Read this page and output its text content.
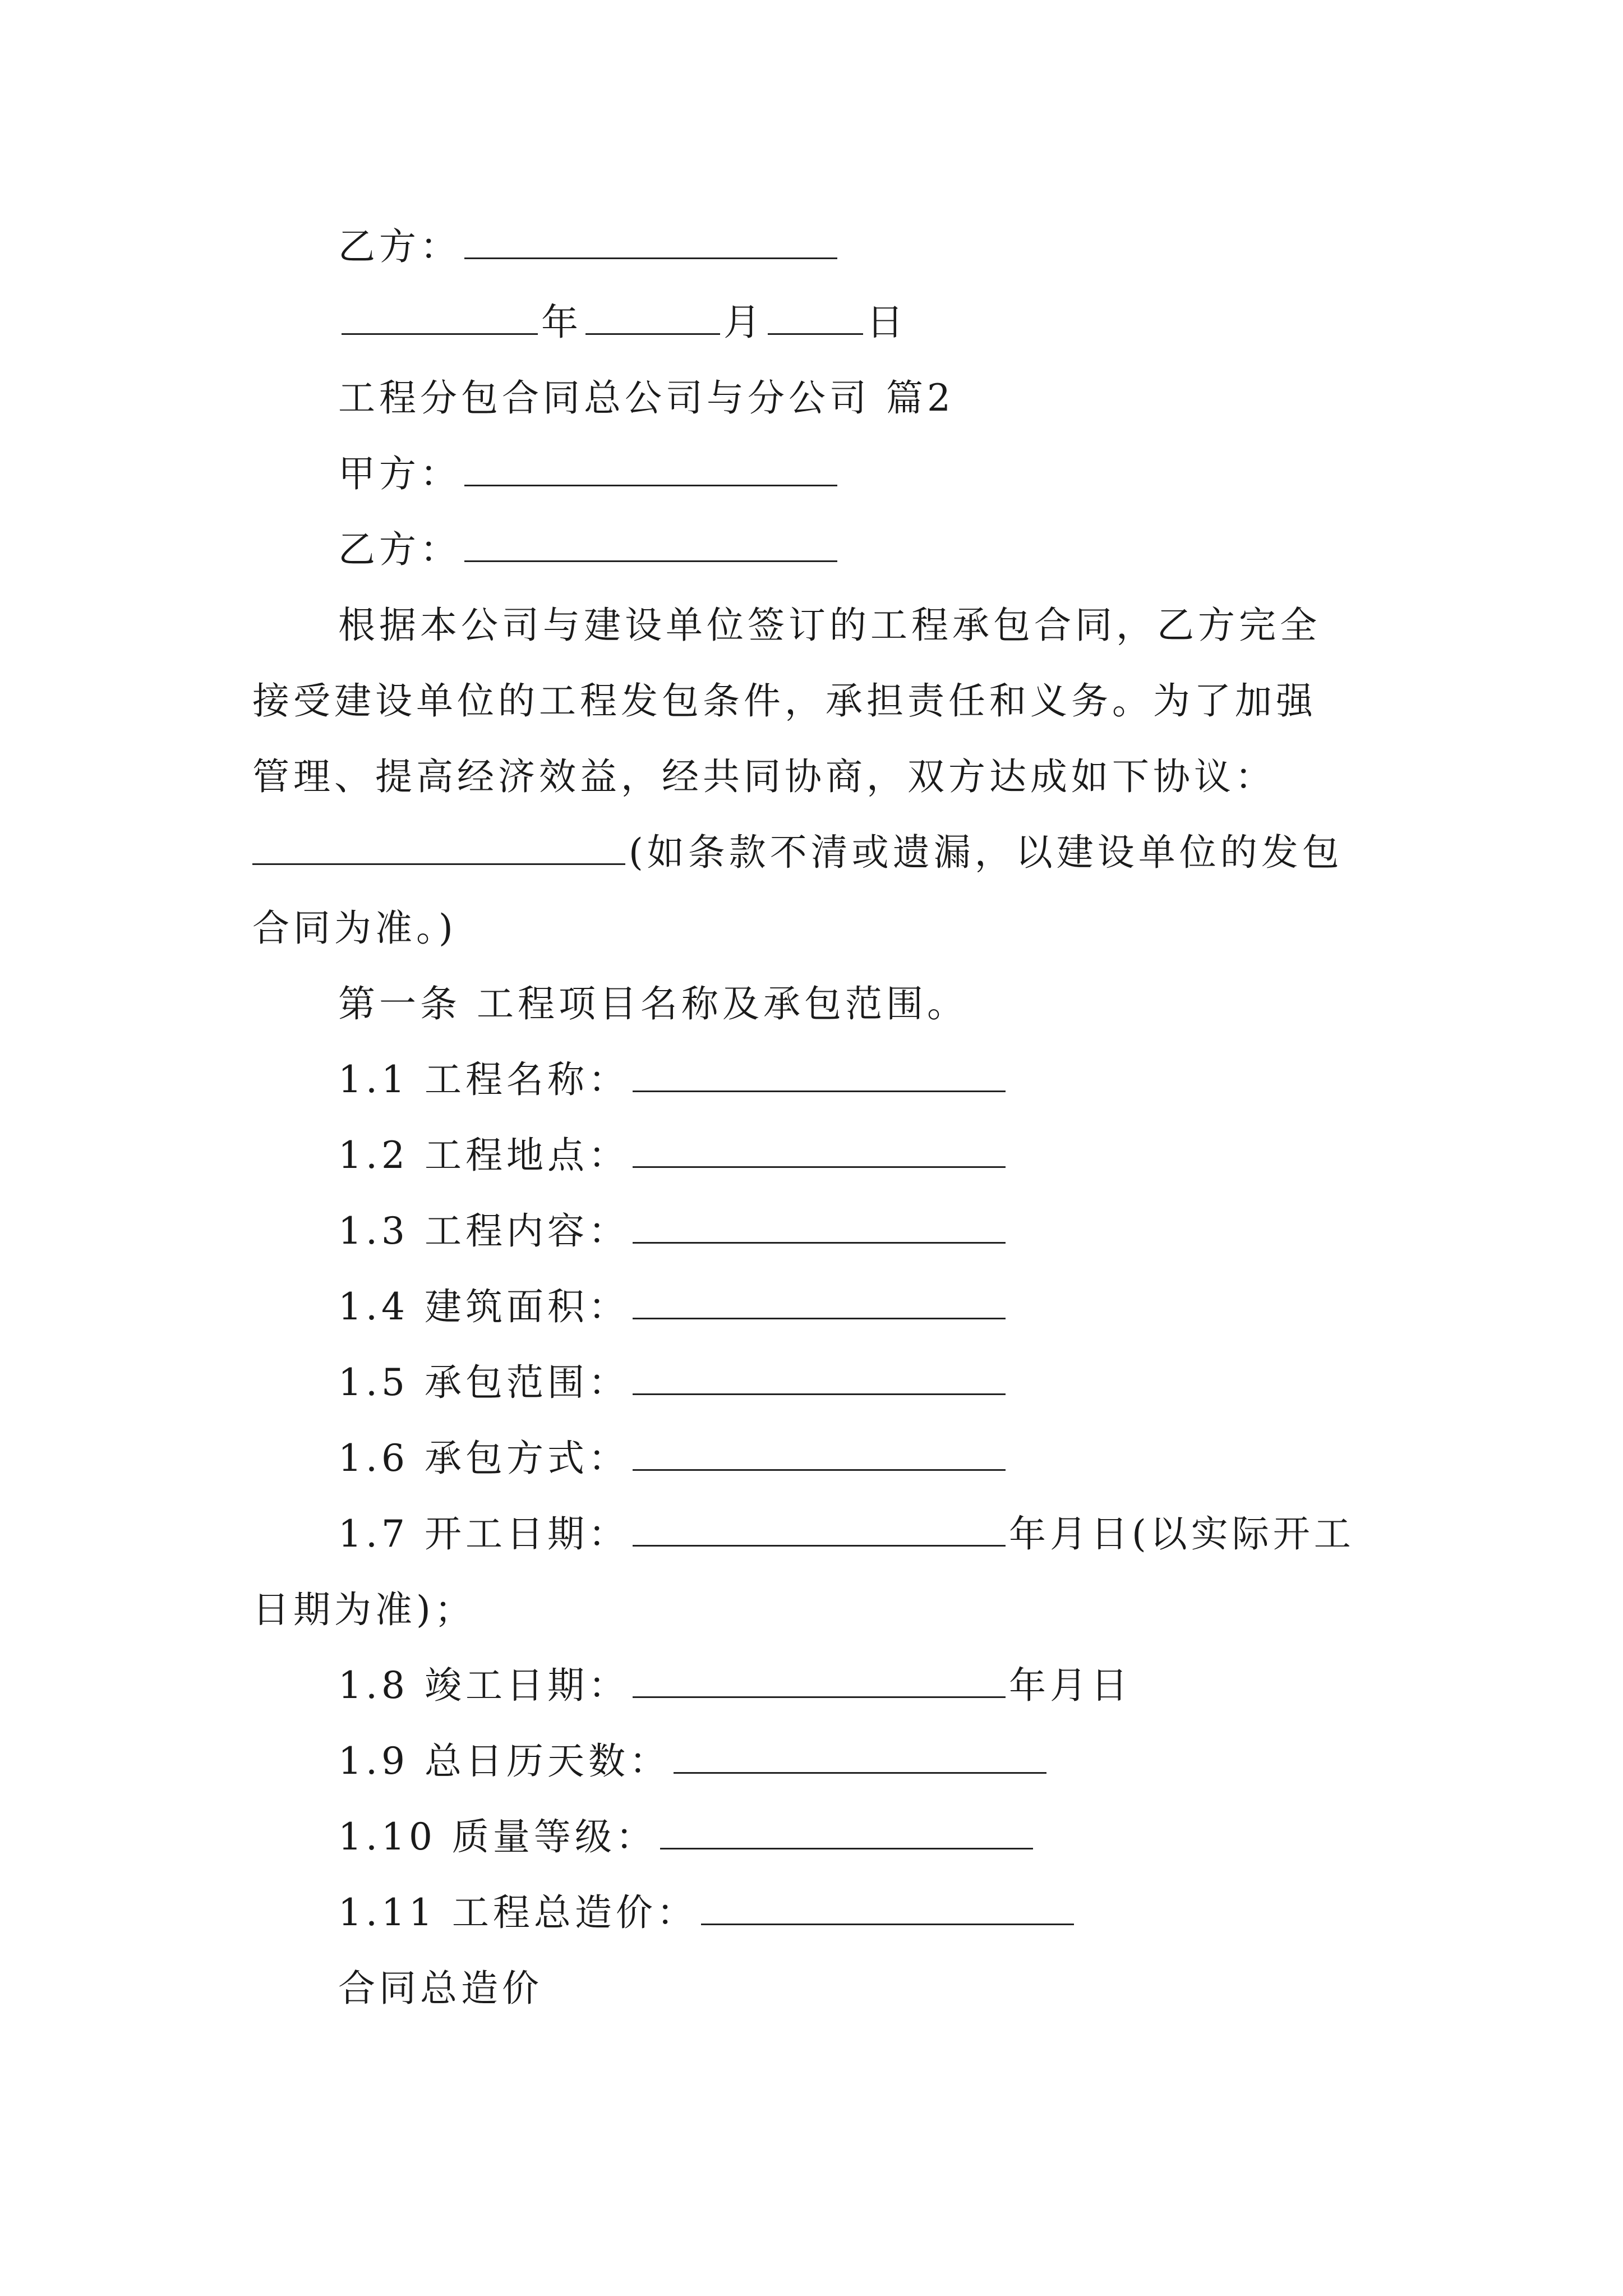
乙方：
年	月	日
工程分包合同总公司与分公司 篇2
甲方：
乙方：
根据本公司与建设单位签订的工程承包合同，乙方完全
接受建设单位的工程发包条件，承担责任和义务。为了加强
管理、提高经济效益，经共同协商，双方达成如下协议：
(如条款不清或遗漏，以建设单位的发包
合同为准。)
第一条 工程项目名称及承包范围。
1.1 工程名称：
1.2 工程地点：
1.3 工程内容：
1.4 建筑面积：
1.5 承包范围：
1.6 承包方式：
1.7 开工日期：	年月日(以实际开工
日期为准)；
1.8 竣工日期：	年月日
1.9 总日历天数：
1.10 质量等级：
1.11 工程总造价：
合同总造价
